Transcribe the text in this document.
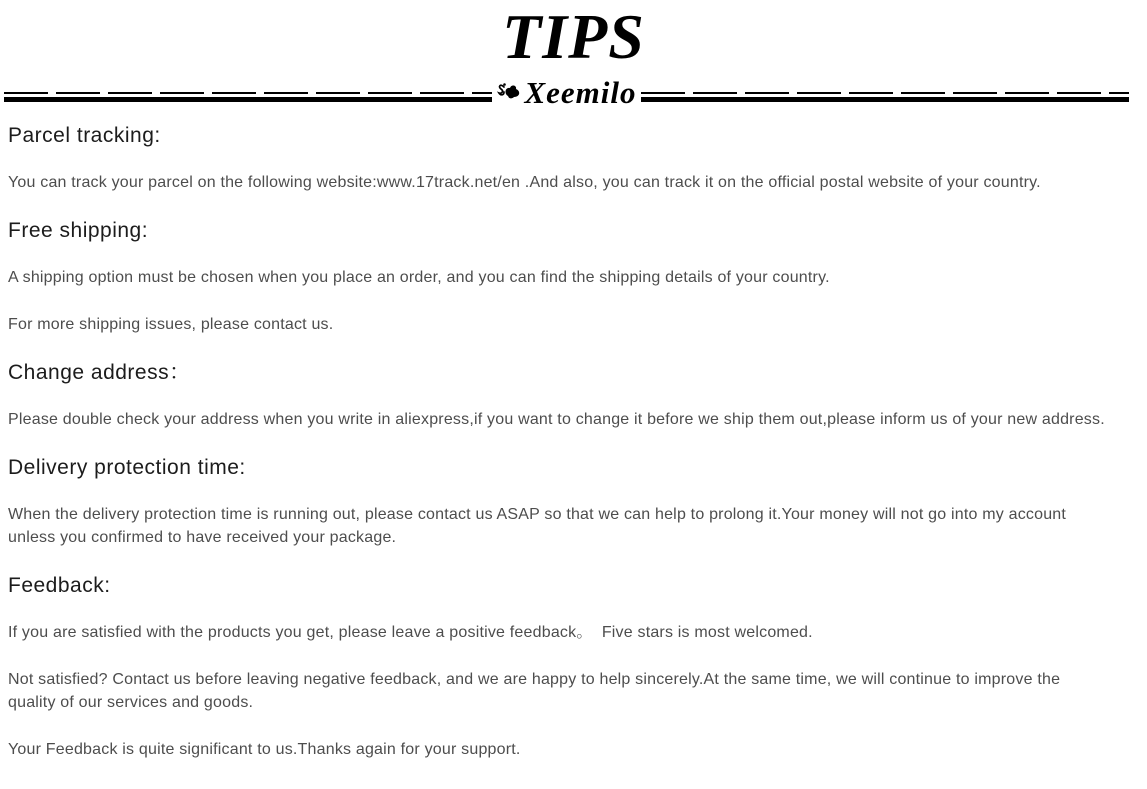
TIPS
Xeemilo
Parcel tracking:

You can track your parcel on the following website:www.17track.net/en .And also, you can track it on the official postal website of your country.

Free shipping:

A shipping option must be chosen when you place an order, and you can find the shipping details of your country.

For more shipping issues, please contact us.

Change address：

Please double check your address when you write in aliexpress,if you want to change it before we ship them out,please inform us of your new address.

Delivery protection time:

When the delivery protection time is running out, please contact us ASAP so that we can help to prolong it.Your money will not go into my account
unless you confirmed to have received your package.

Feedback:

If you are satisfied with the products you get, please leave a positive feedback。  Five stars is most welcomed.

Not satisfied? Contact us before leaving negative feedback, and we are happy to help sincerely.At the same time, we will continue to improve the
quality of our services and goods.

Your Feedback is quite significant to us.Thanks again for your support.
